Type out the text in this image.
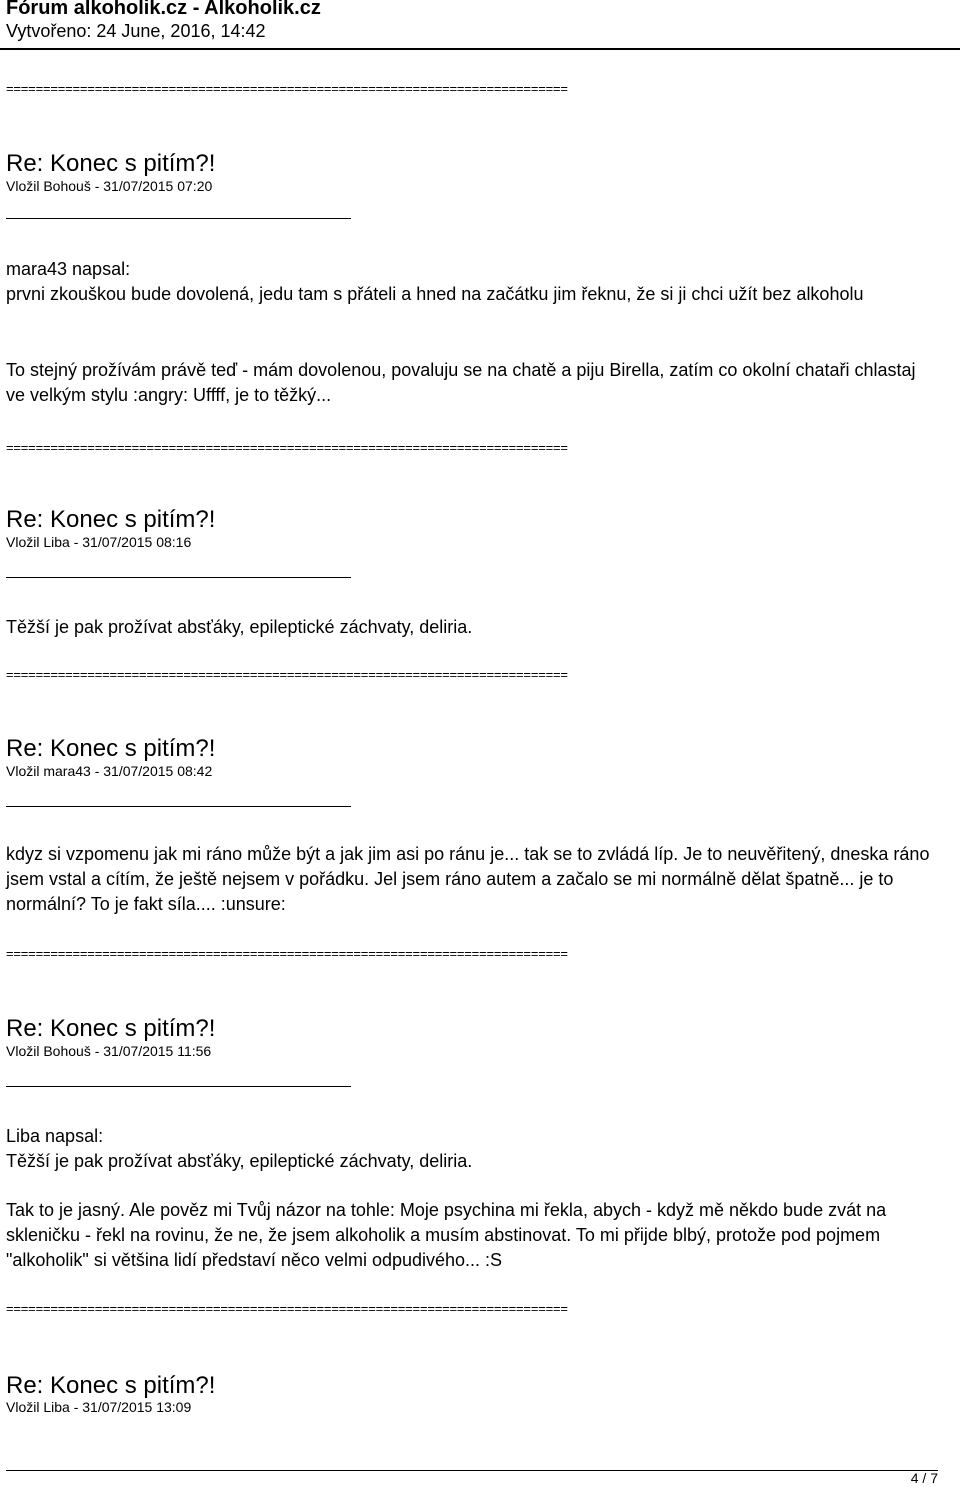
Fórum alkoholik.cz - Alkoholik.cz
Vytvořeno: 24 June, 2016, 14:42
============================================================================
Re: Konec s pitím?!
Vložil Bohouš - 31/07/2015 07:20
mara43 napsal:

prvni zkouškou bude dovolená, jedu tam s přáteli a hned na začátku jim řeknu, že si ji chci užít bez alkoholu

To stejný prožívám právě teď - mám dovolenou, povaluju se na chatě a piju Birella, zatím co okolní chataři chlastaj ve velkým stylu :angry: Uffff, je to těžký...

============================================================================
Re: Konec s pitím?!
Vložil Liba - 31/07/2015 08:16

Těžší je pak prožívat absťáky, epileptické záchvaty, deliria.

============================================================================
Re: Konec s pitím?!
Vložil mara43 - 31/07/2015 08:42

kdyz si vzpomenu jak mi ráno může být a jak jim asi po ránu je... tak se to zvládá líp. Je to neuvěřitený, dneska ráno jsem vstal a cítím, že ještě nejsem v pořádku. Jel jsem ráno autem a začalo se mi normálně dělat špatně... je to normální? To je fakt síla.... :unsure:

============================================================================
Re: Konec s pitím?!
Vložil Bohouš - 31/07/2015 11:56
Liba napsal:

Těžší je pak prožívat absťáky, epileptické záchvaty, deliria.

Tak to je jasný. Ale pověz mi Tvůj názor na tohle: Moje psychina mi řekla, abych - když mě někdo bude zvát na skleničku - řekl na rovinu, že ne, že jsem alkoholik a musím abstinovat. To mi přijde blbý, protože pod pojmem "alkoholik" si většina lidí představí něco velmi odpudivého... :S

============================================================================
Re: Konec s pitím?!
Vložil Liba - 31/07/2015 13:09
4 / 7
